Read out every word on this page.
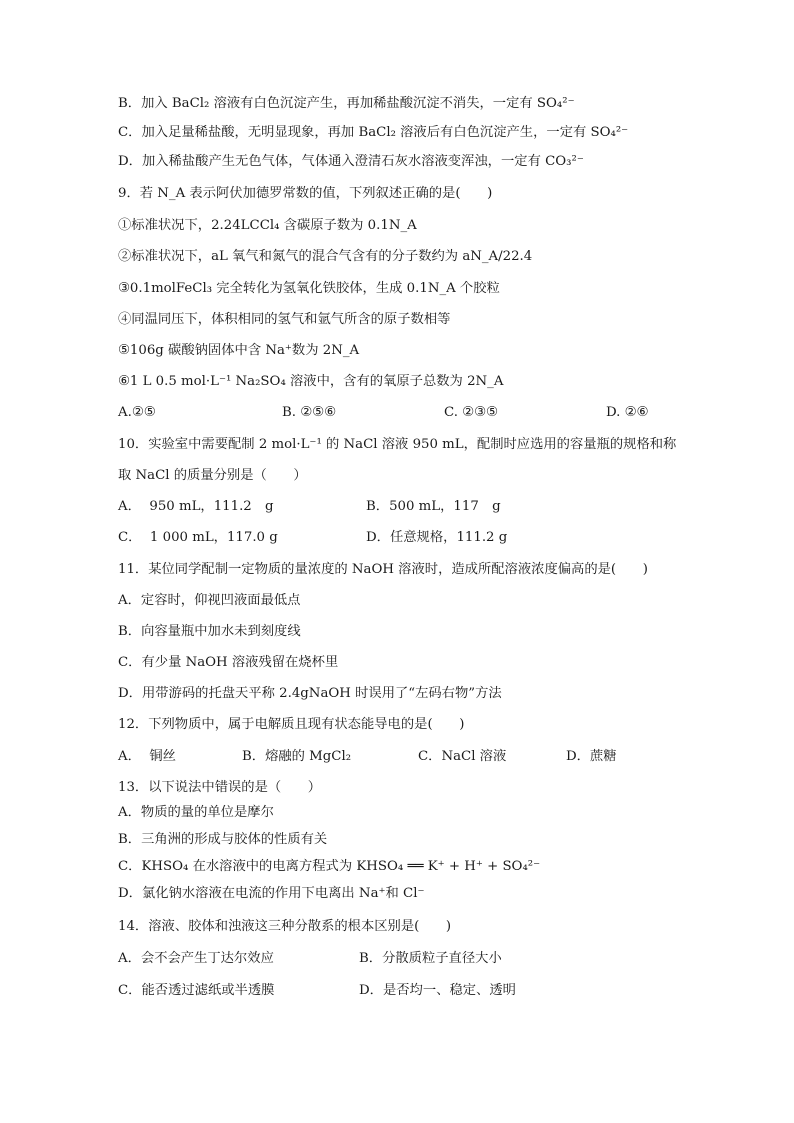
B．加入 BaCl₂ 溶液有白色沉淀产生，再加稀盐酸沉淀不消失，一定有 SO₄²⁻
C．加入足量稀盐酸，无明显现象，再加 BaCl₂ 溶液后有白色沉淀产生，一定有 SO₄²⁻
D．加入稀盐酸产生无色气体，气体通入澄清石灰水溶液变浑浊，一定有 CO₃²⁻
9．若 N_A 表示阿伏加德罗常数的值，下列叙述正确的是(　　)
①标准状况下，2.24LCCl₄ 含碳原子数为 0.1N_A
②标准状况下，aL 氧气和氮气的混合气含有的分子数约为 aN_A/22.4
③0.1molFeCl₃ 完全转化为氢氧化铁胶体，生成 0.1N_A 个胶粒
④同温同压下，体积相同的氢气和氩气所含的原子数相等
⑤106g 碳酸钠固体中含 Na⁺数为 2N_A
⑥1 L 0.5 mol·L⁻¹ Na₂SO₄ 溶液中，含有的氧原子总数为 2N_A
A.②⑤	B. ②⑤⑥	C. ②③⑤	D. ②⑥
10．实验室中需要配制 2 mol·L⁻¹ 的 NaCl 溶液 950 mL，配制时应选用的容量瓶的规格和称
取 NaCl 的质量分别是（　　）
A．  950 mL，111.2　g	B．500 mL，117　g
C．  1 000 mL，117.0 g	D．任意规格，111.2 g
11．某位同学配制一定物质的量浓度的 NaOH 溶液时，造成所配溶液浓度偏高的是(　　)
A．定容时，仰视凹液面最低点
B．向容量瓶中加水未到刻度线
C．有少量 NaOH 溶液残留在烧杯里
D．用带游码的托盘天平称 2.4gNaOH 时误用了“左码右物”方法
12．下列物质中，属于电解质且现有状态能导电的是(　　)
A．  铜丝	B．熔融的 MgCl₂	C．NaCl 溶液	D．蔗糖
13．以下说法中错误的是（　　）
A．物质的量的单位是摩尔
B．三角洲的形成与胶体的性质有关
C．KHSO₄ 在水溶液中的电离方程式为 KHSO₄ ══ K⁺ + H⁺ + SO₄²⁻
D．氯化钠水溶液在电流的作用下电离出 Na⁺和 Cl⁻
14．溶液、胶体和浊液这三种分散系的根本区别是(　　)
A．会不会产生丁达尔效应	B．分散质粒子直径大小
C．能否透过滤纸或半透膜	D．是否均一、稳定、透明
